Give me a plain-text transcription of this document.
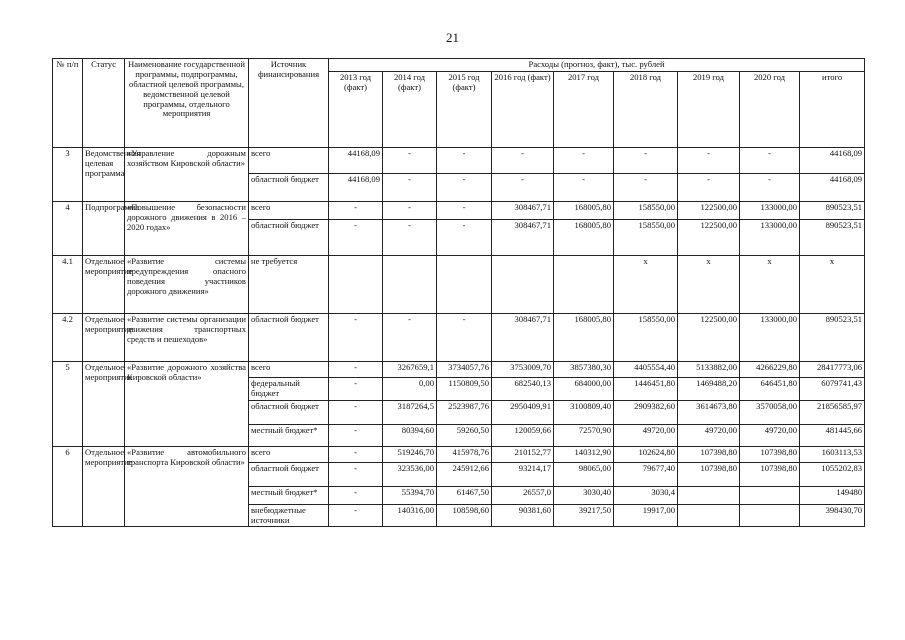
21
№ п/п	Статус	Наименование государственной программы, подпрограммы, областной целевой программы, ведомственной целевой программы, отдельного мероприятия	Источник финансирования	Расходы (прогноз, факт), тыс. рублей								
				2013 год (факт)	2014 год (факт)	2015 год (факт)	2016 год (факт)	2017 год	2018 год	2019 год	2020 год	итого
3	Ведомственная целевая программа	«Управление дорожным хозяйством Кировской области»	всего	44168,09	-	-	-	-	-	-	-	44168,09
			областной бюджет	44168,09	-	-	-	-	-	-	-	44168,09
4	Подпрограмма	«Повышение безопасности дорожного движения в 2016 – 2020 годах»	всего	-	-	-	308467,71	168005,80	158550,00	122500,00	133000,00	890523,51
			областной бюджет	-	-	-	308467,71	168005,80	158550,00	122500,00	133000,00	890523,51
4.1	Отдельное мероприятие	«Развитие системы предупреждения опасного поведения участников дорожного движения»	не требуется						х	х	х	х
4.2	Отдельное мероприятие	«Развитие системы организации движения транспортных средств и пешеходов»	областной бюджет	-	-	-	308467,71	168005,80	158550,00	122500,00	133000,00	890523,51
5	Отдельное мероприятие	«Развитие дорожного хозяйства Кировской области»	всего	-	3267659,1	3734057,76	3753009,70	3857380,30	4405554,40	5133882,00	4266229,80	28417773,06
			федеральный бюджет	-	0,00	1150809,50	682540,13	684000,00	1446451,80	1469488,20	646451,80	6079741,43
			областной бюджет	-	3187264,5	2523987,76	2950409,91	3100809,40	2909382,60	3614673,80	3570058,00	21856585,97
			местный бюджет*	-	80394,60	59260,50	120059,66	72570,90	49720,00	49720,00	49720,00	481445,66
6	Отдельное мероприятие	«Развитие автомобильного транспорта Кировской области»	всего	-	519246,70	415978,76	210152,77	140312,90	102624,80	107398,80	107398,80	1603113,53
			областной бюджет	-	323536,00	245912,66	93214,17	98065,00	79677,40	107398,80	107398,80	1055202,83
			местный бюджет*	-	55394,70	61467,50	26557,0	3030,40	3030,4			149480
			внебюджетные источники	-	140316,00	108598,60	90381,60	39217,50	19917,00			398430,70
